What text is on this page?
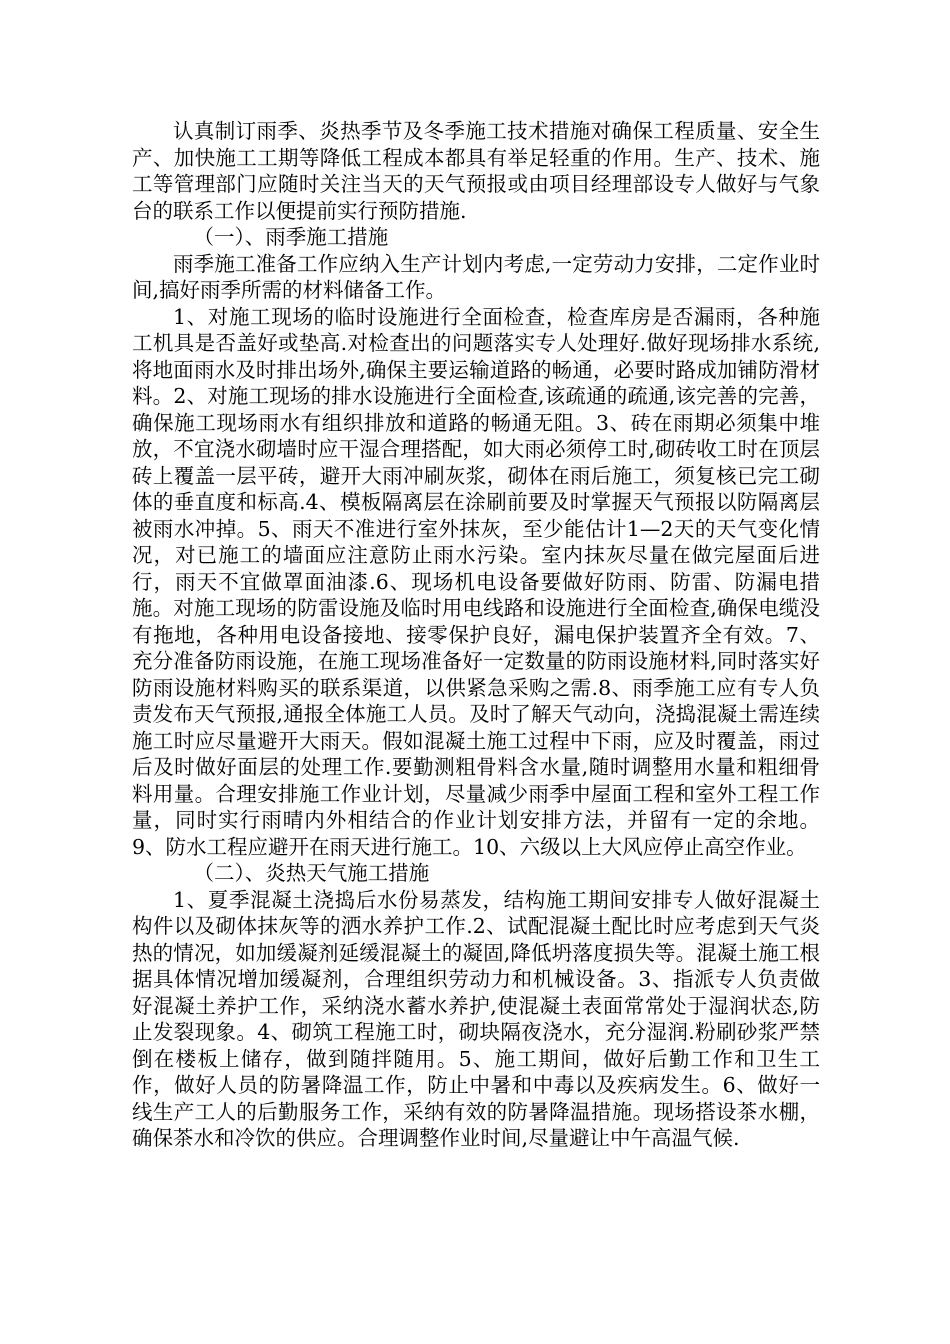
认真制订雨季、炎热季节及冬季施工技术措施对确保工程质量、安全生产、加快施工工期等降低工程成本都具有举足轻重的作用。生产、技术、施工等管理部门应随时关注当天的天气预报或由项目经理部设专人做好与气象台的联系工作以便提前实行预防措施.

（一）、雨季施工措施

雨季施工准备工作应纳入生产计划内考虑,一定劳动力安排，二定作业时间,搞好雨季所需的材料储备工作。

1、对施工现场的临时设施进行全面检查，检查库房是否漏雨，各种施工机具是否盖好或垫高.对检查出的问题落实专人处理好.做好现场排水系统,将地面雨水及时排出场外,确保主要运输道路的畅通，必要时路成加铺防滑材料。2、对施工现场的排水设施进行全面检查,该疏通的疏通,该完善的完善，确保施工现场雨水有组织排放和道路的畅通无阻。3、砖在雨期必须集中堆放，不宜浇水砌墙时应干湿合理搭配，如大雨必须停工时,砌砖收工时在顶层砖上覆盖一层平砖，避开大雨冲刷灰浆，砌体在雨后施工，须复核已完工砌体的垂直度和标高.4、模板隔离层在涂刷前要及时掌握天气预报以防隔离层被雨水冲掉。5、雨天不准进行室外抹灰，至少能估计1—2天的天气变化情况，对已施工的墙面应注意防止雨水污染。室内抹灰尽量在做完屋面后进行，雨天不宜做罩面油漆.6、现场机电设备要做好防雨、防雷、防漏电措施。对施工现场的防雷设施及临时用电线路和设施进行全面检查,确保电缆没有拖地，各种用电设备接地、接零保护良好，漏电保护装置齐全有效。7、充分准备防雨设施，在施工现场准备好一定数量的防雨设施材料,同时落实好防雨设施材料购买的联系渠道，以供紧急采购之需.8、雨季施工应有专人负责发布天气预报,通报全体施工人员。及时了解天气动向，浇捣混凝土需连续施工时应尽量避开大雨天。假如混凝土施工过程中下雨，应及时覆盖，雨过后及时做好面层的处理工作.要勤测粗骨料含水量,随时调整用水量和粗细骨料用量。合理安排施工作业计划，尽量减少雨季中屋面工程和室外工程工作量，同时实行雨晴内外相结合的作业计划安排方法，并留有一定的余地。9、防水工程应避开在雨天进行施工。10、六级以上大风应停止高空作业。

（二）、炎热天气施工措施

1、夏季混凝土浇捣后水份易蒸发，结构施工期间安排专人做好混凝土构件以及砌体抹灰等的洒水养护工作.2、试配混凝土配比时应考虑到天气炎热的情况，如加缓凝剂延缓混凝土的凝固,降低坍落度损失等。混凝土施工根据具体情况增加缓凝剂，合理组织劳动力和机械设备。3、指派专人负责做好混凝土养护工作，采纳浇水蓄水养护,使混凝土表面常常处于湿润状态,防止发裂现象。4、砌筑工程施工时，砌块隔夜浇水，充分湿润.粉刷砂浆严禁倒在楼板上储存，做到随拌随用。5、施工期间，做好后勤工作和卫生工作，做好人员的防暑降温工作，防止中暑和中毒以及疾病发生。6、做好一线生产工人的后勤服务工作，采纳有效的防暑降温措施。现场搭设茶水棚，确保茶水和冷饮的供应。合理调整作业时间,尽量避让中午高温气候.
